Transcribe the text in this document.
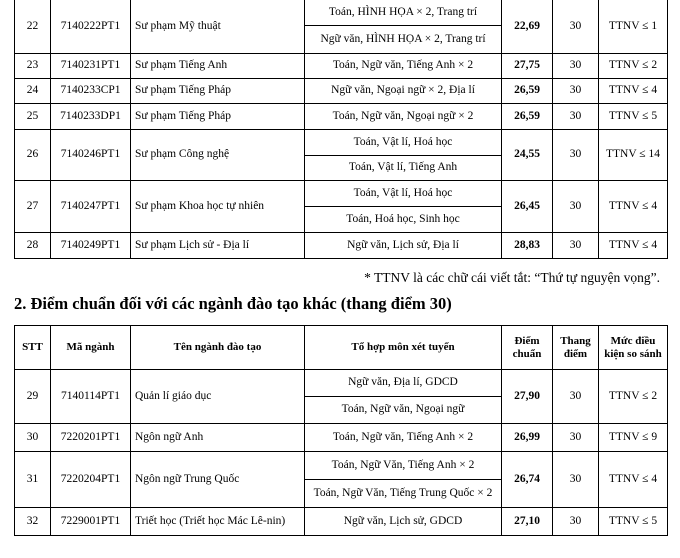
22	7140222PT1	Sư phạm Mỹ thuật	Toán, HÌNH HỌA × 2, Trang trí	22,69	30	TTNV ≤ 1
			Ngữ văn, HÌNH HỌA × 2, Trang trí			
23	7140231PT1	Sư phạm Tiếng Anh	Toán, Ngữ văn, Tiếng Anh × 2	27,75	30	TTNV ≤ 2
24	7140233CP1	Sư phạm Tiếng Pháp	Ngữ văn, Ngoại ngữ × 2, Địa lí	26,59	30	TTNV ≤ 4
25	7140233DP1	Sư phạm Tiếng Pháp	Toán, Ngữ văn, Ngoại ngữ × 2	26,59	30	TTNV ≤ 5
26	7140246PT1	Sư phạm Công nghệ	Toán, Vật lí, Hoá học	24,55	30	TTNV ≤ 14
			Toán, Vật lí, Tiếng Anh			
27	7140247PT1	Sư phạm Khoa học tự nhiên	Toán, Vật lí, Hoá học	26,45	30	TTNV ≤ 4
			Toán, Hoá học, Sinh học			
28	7140249PT1	Sư phạm Lịch sử - Địa lí	Ngữ văn, Lịch sử, Địa lí	28,83	30	TTNV ≤ 4
* TTNV là các chữ cái viết tắt: “Thứ tự nguyện vọng”.
2. Điểm chuẩn đối với các ngành đào tạo khác (thang điểm 30)
STT	Mã ngành	Tên ngành đào tạo	Tổ hợp môn xét tuyển	Điểm chuẩn	Thang điểm	Mức điều kiện so sánh
29	7140114PT1	Quản lí giáo dục	Ngữ văn, Địa lí, GDCD	27,90	30	TTNV ≤ 2
			Toán, Ngữ văn, Ngoại ngữ			
30	7220201PT1	Ngôn ngữ Anh	Toán, Ngữ văn, Tiếng Anh × 2	26,99	30	TTNV ≤ 9
31	7220204PT1	Ngôn ngữ Trung Quốc	Toán, Ngữ Văn, Tiếng Anh × 2	26,74	30	TTNV ≤ 4
			Toán, Ngữ Văn, Tiếng Trung Quốc × 2			
32	7229001PT1	Triết học (Triết học Mác Lê-nin)	Ngữ văn, Lịch sử, GDCD	27,10	30	TTNV ≤ 5
